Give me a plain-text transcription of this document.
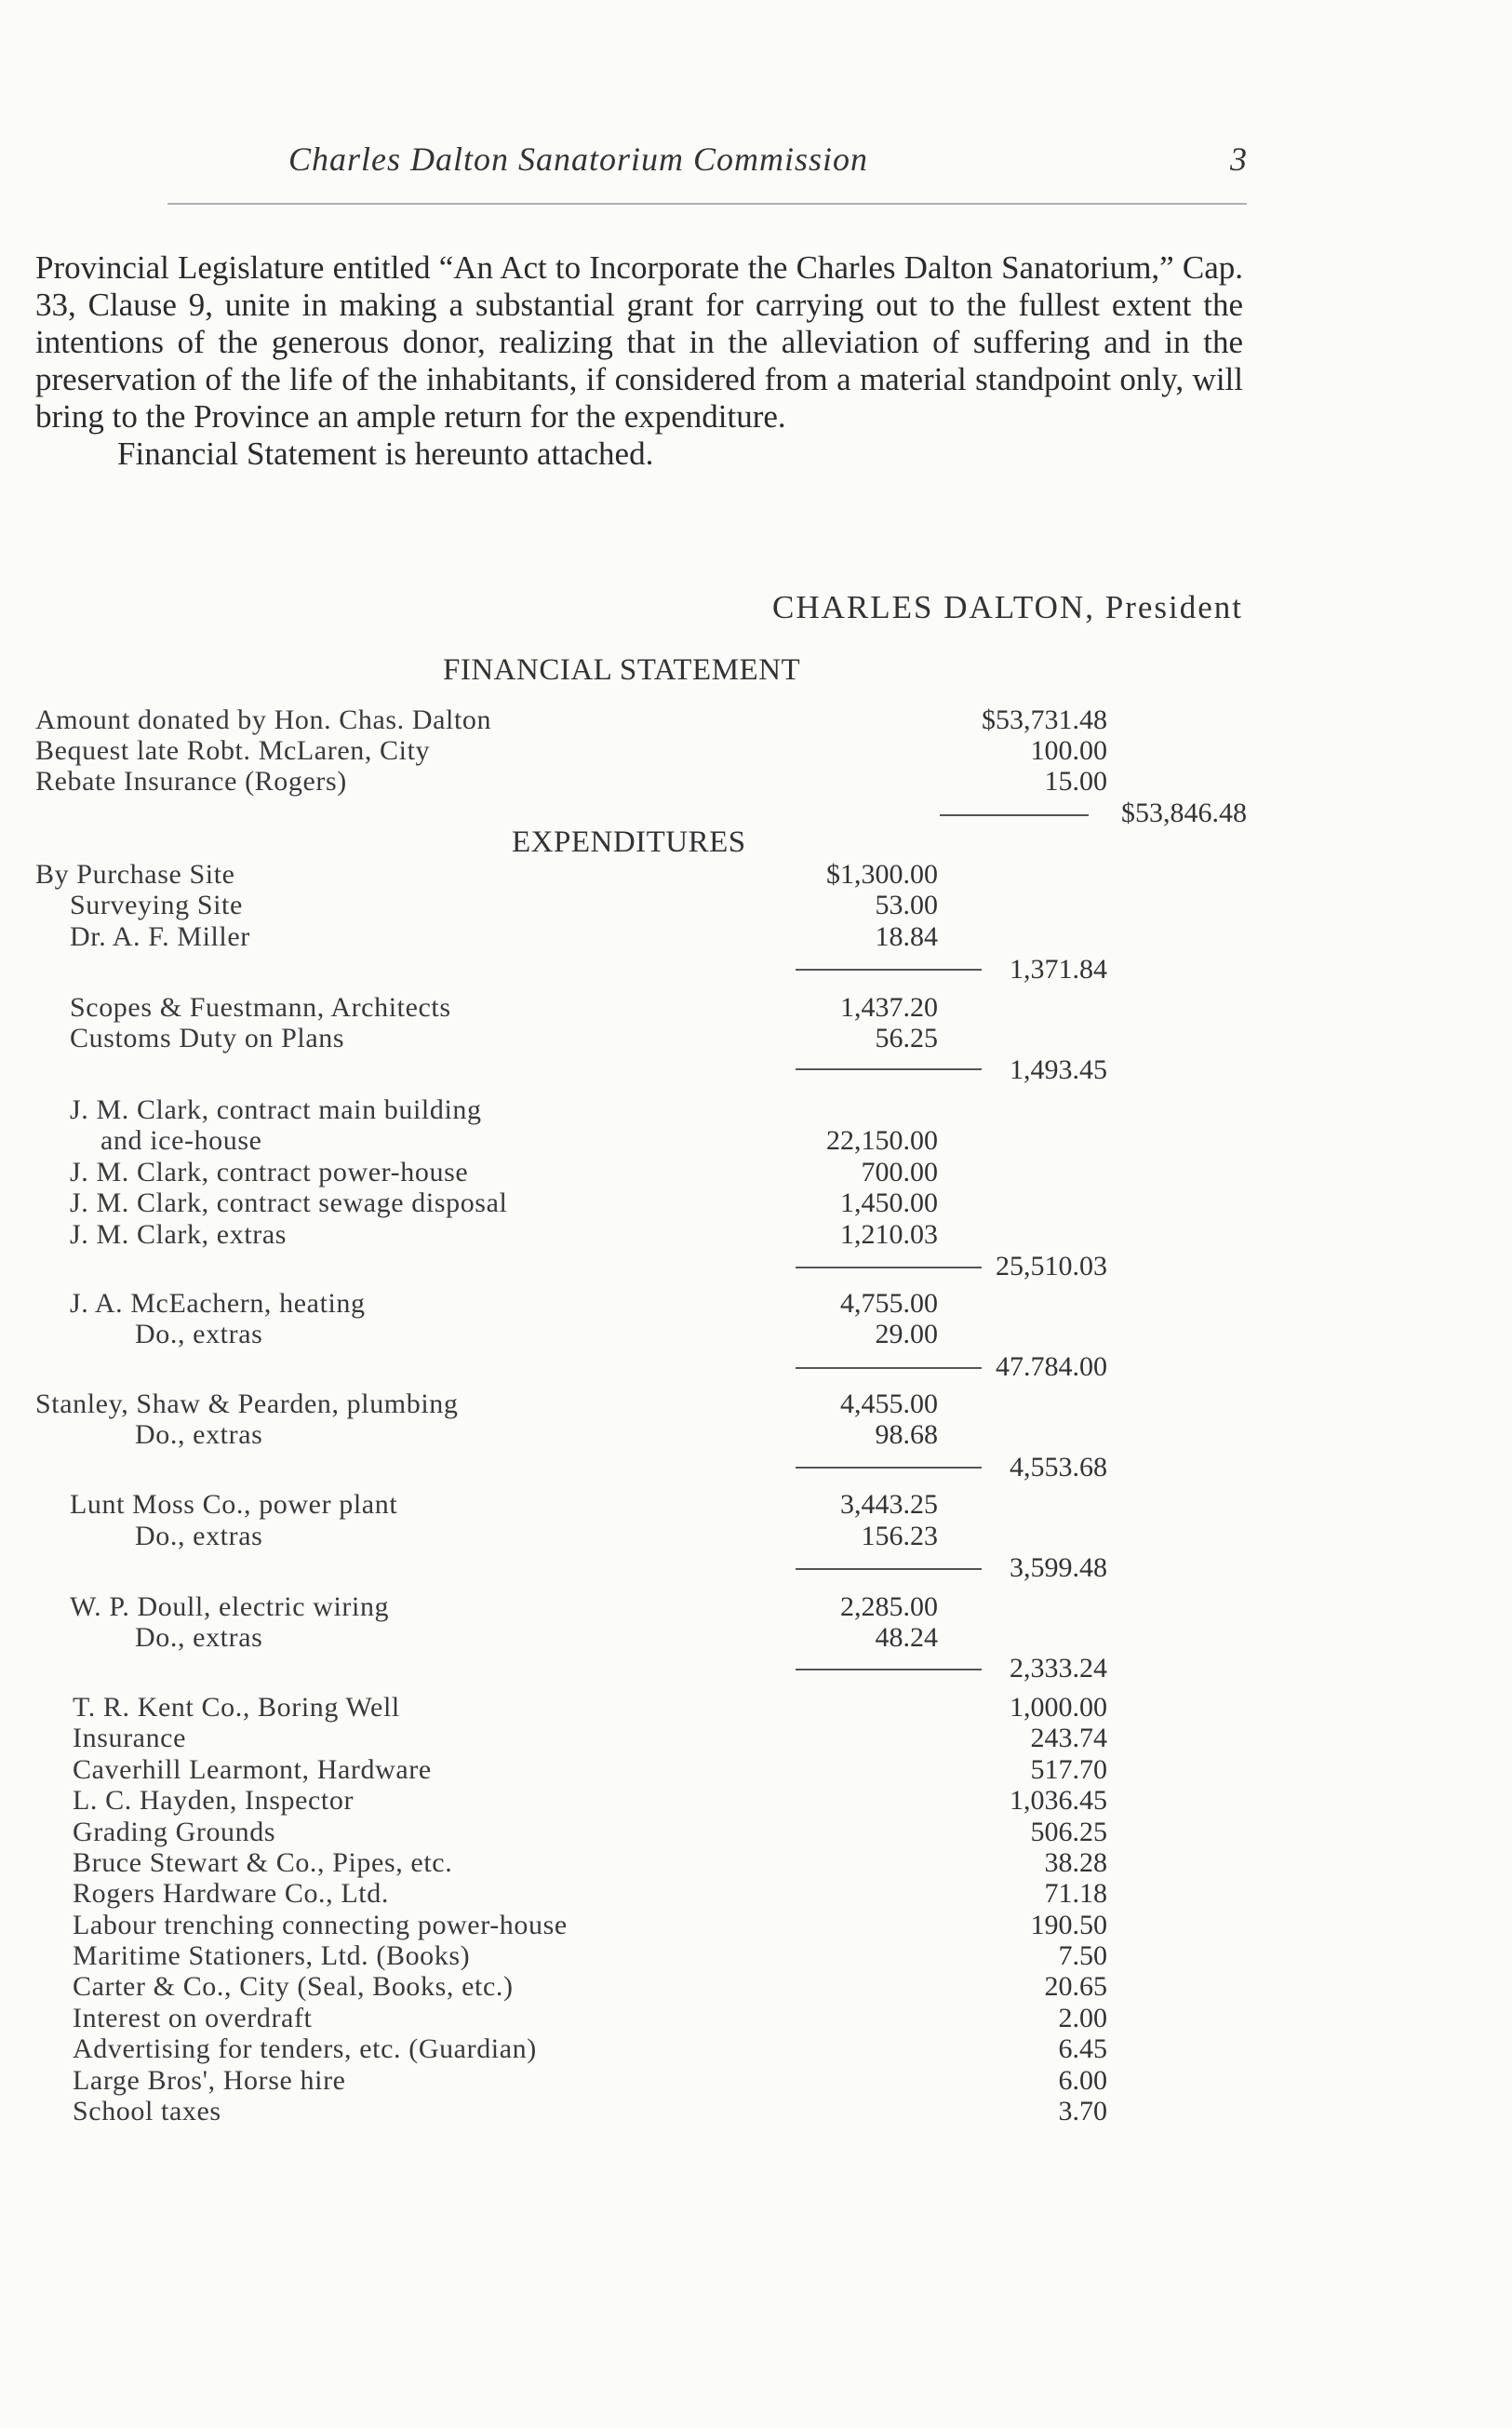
Charles Dalton Sanatorium Commission	3

Provincial Legislature entitled “An Act to Incorporate the Charles Dalton Sanatorium,” Cap. 33, Clause 9, unite in making a substantial grant for carrying out to the fullest extent the intentions of the generous donor, realizing that in the alleviation of suffering and in the preservation of the life of the inhabitants, if considered from a material standpoint only, will bring to the Province an ample return for the expenditure.

Financial Statement is hereunto attached.

CHARLES DALTON, President
FINANCIAL STATEMENT
Amount donated by Hon. Chas. Dalton	$53,731.48
Bequest late Robt. McLaren, City	100.00
Rebate Insurance (Rogers)	15.00
$53,846.48
EXPENDITURES
By Purchase Site	$1,300.00
Surveying Site	53.00
Dr. A. F. Miller	18.84
1,371.84
Scopes & Fuestmann, Architects	1,437.20
Customs Duty on Plans	56.25
1,493.45
J. M. Clark, contract main building
and ice-house	22,150.00
J. M. Clark, contract power-house	700.00
J. M. Clark, contract sewage disposal	1,450.00
J. M. Clark, extras	1,210.03
25,510.03
J. A. McEachern, heating	4,755.00
Do., extras	29.00
47.784.00
Stanley, Shaw & Pearden, plumbing	4,455.00
Do., extras	98.68
4,553.68
Lunt Moss Co., power plant	3,443.25
Do., extras	156.23
3,599.48
W. P. Doull, electric wiring	2,285.00
Do., extras	48.24
2,333.24
T. R. Kent Co., Boring Well	1,000.00
Insurance	243.74
Caverhill Learmont, Hardware	517.70
L. C. Hayden, Inspector	1,036.45
Grading Grounds	506.25
Bruce Stewart & Co., Pipes, etc.	38.28
Rogers Hardware Co., Ltd.	71.18
Labour trenching connecting power-house	190.50
Maritime Stationers, Ltd. (Books)	7.50
Carter & Co., City (Seal, Books, etc.)	20.65
Interest on overdraft	2.00
Advertising for tenders, etc. (Guardian)	6.45
Large Bros', Horse hire	6.00
School taxes	3.70
